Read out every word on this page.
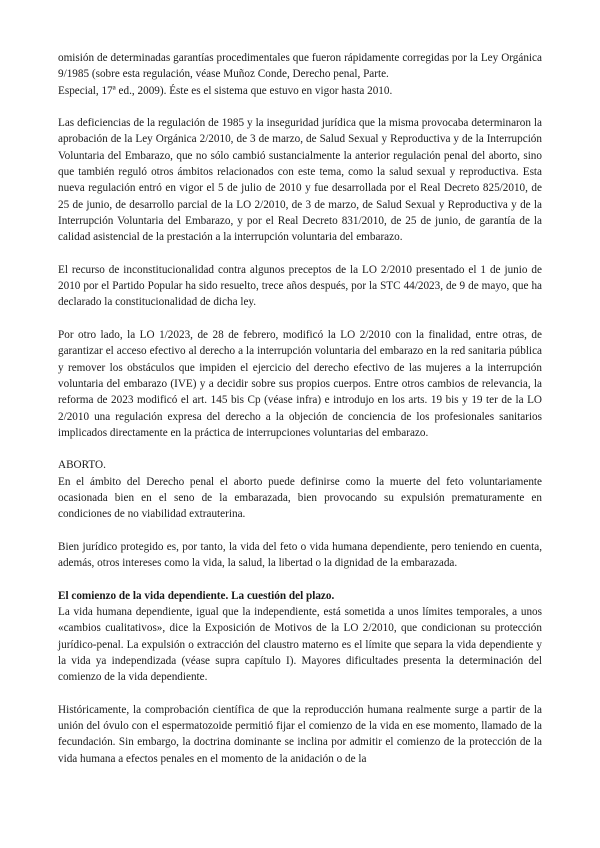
omisión de determinadas garantías procedimentales que fueron rápidamente corregidas por la Ley Orgánica 9/1985 (sobre esta regulación, véase Muñoz Conde, Derecho penal, Parte.

Especial, 17ª ed., 2009). Éste es el sistema que estuvo en vigor hasta 2010.

Las deficiencias de la regulación de 1985 y la inseguridad jurídica que la misma provocaba determinaron la aprobación de la Ley Orgánica 2/2010, de 3 de marzo, de Salud Sexual y Reproductiva y de la Interrupción Voluntaria del Embarazo, que no sólo cambió sustancialmente la anterior regulación penal del aborto, sino que también reguló otros ámbitos relacionados con este tema, como la salud sexual y reproductiva. Esta nueva regulación entró en vigor el 5 de julio de 2010 y fue desarrollada por el Real Decreto 825/2010, de 25 de junio, de desarrollo parcial de la LO 2/2010, de 3 de marzo, de Salud Sexual y Reproductiva y de la Interrupción Voluntaria del Embarazo, y por el Real Decreto 831/2010, de 25 de junio, de garantía de la calidad asistencial de la prestación a la interrupción voluntaria del embarazo.

El recurso de inconstitucionalidad contra algunos preceptos de la LO 2/2010 presentado el 1 de junio de 2010 por el Partido Popular ha sido resuelto, trece años después, por la STC 44/2023, de 9 de mayo, que ha declarado la constitucionalidad de dicha ley.

Por otro lado, la LO 1/2023, de 28 de febrero, modificó la LO 2/2010 con la finalidad, entre otras, de garantizar el acceso efectivo al derecho a la interrupción voluntaria del embarazo en la red sanitaria pública y remover los obstáculos que impiden el ejercicio del derecho efectivo de las mujeres a la interrupción voluntaria del embarazo (IVE) y a decidir sobre sus propios cuerpos. Entre otros cambios de relevancia, la reforma de 2023 modificó el art. 145 bis Cp (véase infra) e introdujo en los arts. 19 bis y 19 ter de la LO 2/2010 una regulación expresa del derecho a la objeción de conciencia de los profesionales sanitarios implicados directamente en la práctica de interrupciones voluntarias del embarazo.

ABORTO.

En el ámbito del Derecho penal el aborto puede definirse como la muerte del feto voluntariamente ocasionada bien en el seno de la embarazada, bien provocando su expulsión prematuramente en condiciones de no viabilidad extrauterina.

Bien jurídico protegido es, por tanto, la vida del feto o vida humana dependiente, pero teniendo en cuenta, además, otros intereses como la vida, la salud, la libertad o la dignidad de la embarazada.

El comienzo de la vida dependiente. La cuestión del plazo.

La vida humana dependiente, igual que la independiente, está sometida a unos límites temporales, a unos «cambios cualitativos», dice la Exposición de Motivos de la LO 2/2010, que condicionan su protección jurídico-penal. La expulsión o extracción del claustro materno es el límite que separa la vida dependiente y la vida ya independizada (véase supra capítulo I). Mayores dificultades presenta la determinación del comienzo de la vida dependiente.

Históricamente, la comprobación científica de que la reproducción humana realmente surge a partir de la unión del óvulo con el espermatozoide permitió fijar el comienzo de la vida en ese momento, llamado de la fecundación. Sin embargo, la doctrina dominante se inclina por admitir el comienzo de la protección de la vida humana a efectos penales en el momento de la anidación o de la
